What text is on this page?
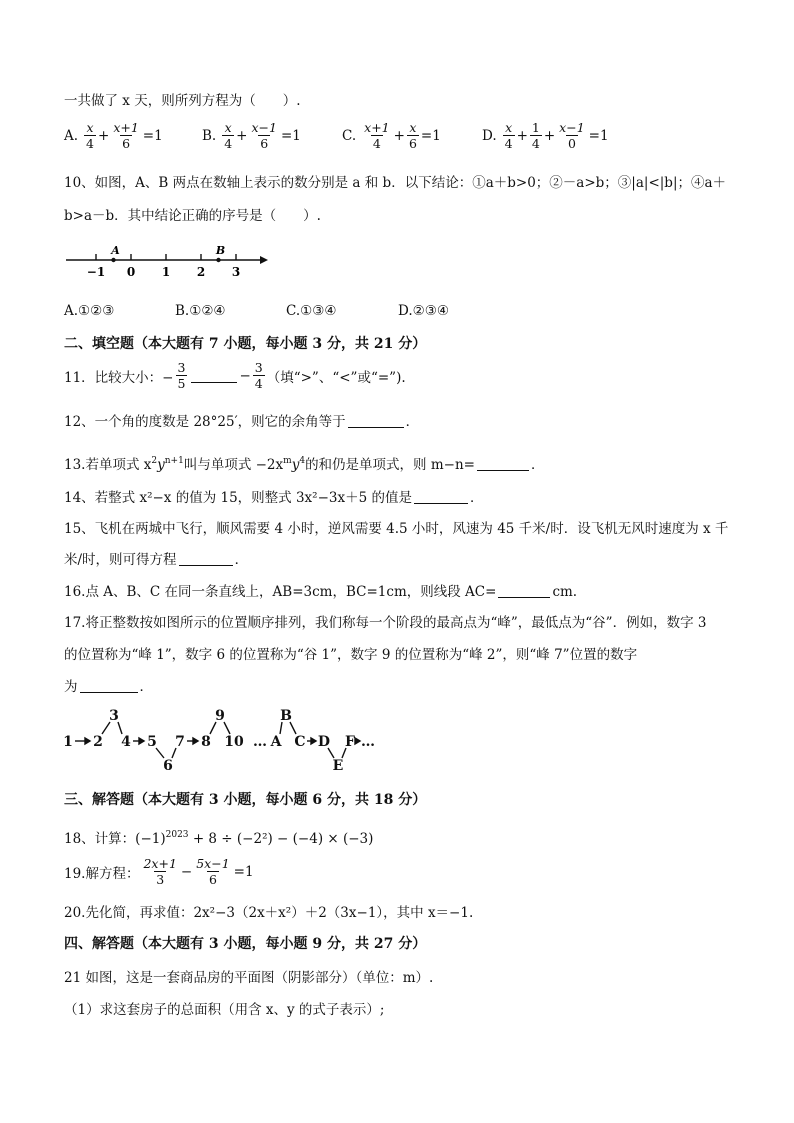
一共做了 x 天，则所列方程为（　　）.
A. $\frac{x}{4} + \frac{x+1}{6} =1$	B. $\frac{x}{4} + \frac{x-1}{6} =1$	C. $\frac{x+1}{4} + \frac{x}{6} =1$	D. $\frac{x}{4} + \frac{1}{4} + \frac{x-1}{0} =1$
10、如图，A、B 两点在数轴上表示的数分别是 a 和 b．以下结论：①a＋b>0；②－a>b；③|a|<|b|；④a＋
b>a－b．其中结论正确的序号是（　　）.
−1 0 1 2 3
A	B
A.①②③	B.①②④	C.①③④	D.②③④
二、填空题（本大题有 7 小题，每小题 3 分，共 21 分）
11．比较大小：− $\frac{3}{5}$	− $\frac{3}{4}$ （填“>”、“<”或“=”).
12、一个角的度数是 28°25′，则它的余角等于	．
13.若单项式 $x^2y^{n+1}$叫与单项式 $-2x^my^4$的和仍是单项式，则 m−n=	．
14、若整式 x²−x 的值为 15，则整式 3x²−3x＋5 的值是	．
15、飞机在两城中飞行，顺风需要 4 小时，逆风需要 4.5 小时，风速为 45 千米/时．设飞机无风时速度为 x 千
米/时，则可得方程	．
16.点 A、B、C 在同一条直线上，AB=3cm，BC=1cm，则线段 AC=	cm.
17.将正整数按如图所示的位置顺序排列，我们称每一个阶段的最高点为“峰”，最低点为“谷”．例如，数字 3
的位置称为“峰 1”，数字 6 的位置称为“谷 1”，数字 9 的位置称为“峰 2”，则“峰 7”位置的数字
为	．
1 2
3
4 5
6
7 8
9
10 … A
B
C D
E
F …
三、解答题（本大题有 3 小题，每小题 6 分，共 18 分）
18、计算：$(-1)^{2023} + 8 \div (-2^2) - (-4) \times (-3)$
19.解方程： $\frac{2x+1}{3} - \frac{5x-1}{6} =1$
20.先化简，再求值：2x²−3（2x＋x²）＋2（3x−1），其中 x＝−1.
四、解答题（本大题有 3 小题，每小题 9 分，共 27 分）
21 如图，这是一套商品房的平面图（阴影部分）（单位：m）.
（1）求这套房子的总面积（用含 x、y 的式子表示）;
